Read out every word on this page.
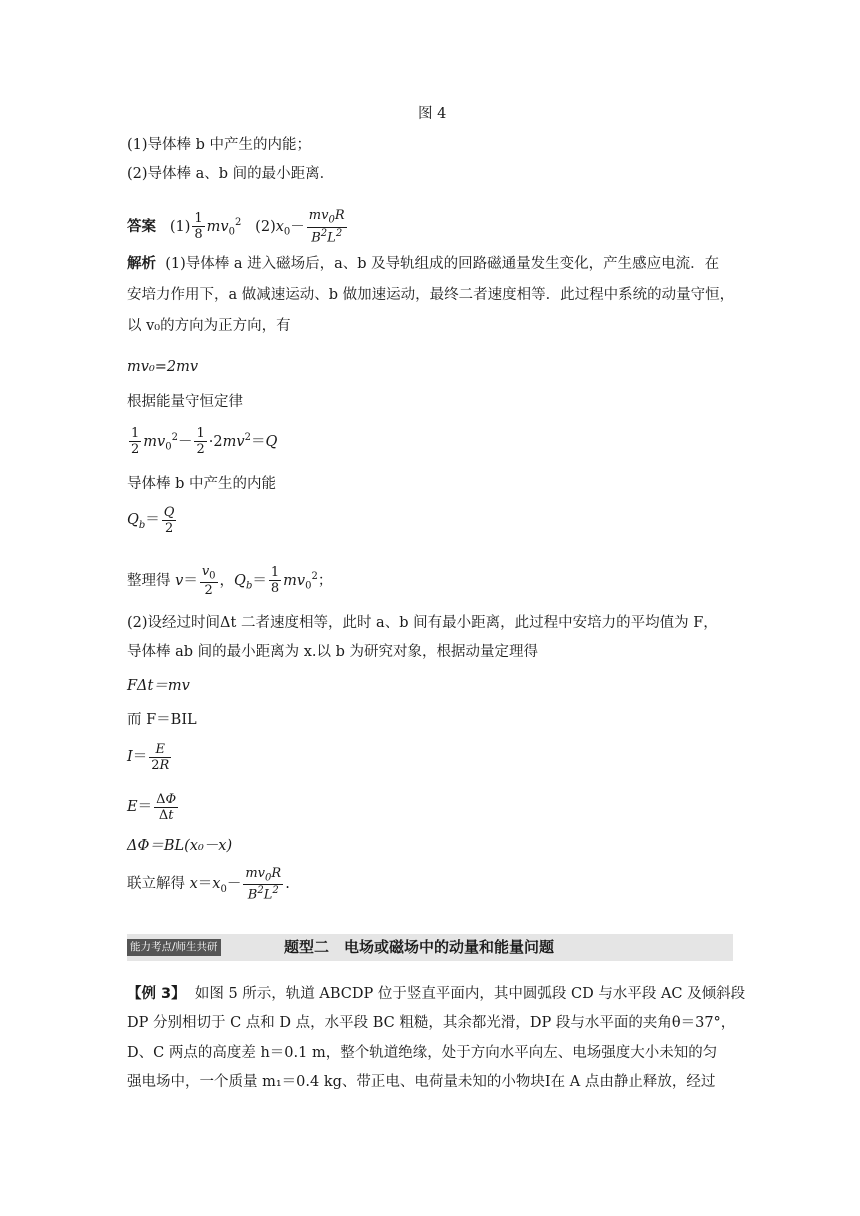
图 4
(1)导体棒 b 中产生的内能；
(2)导体棒 a、b 间的最小距离．
答案   $(1) \frac{1}{8} mv_0^2$   $(2)x_0- \frac{mv_0R}{B^2L^2}$
解析 (1)导体棒 a 进入磁场后，a、b 及导轨组成的回路磁通量发生变化，产生感应电流．在
安培力作用下，a 做减速运动、b 做加速运动，最终二者速度相等．此过程中系统的动量守恒，
以 v₀的方向为正方向，有
mv₀=2mv
根据能量守恒定律
$\frac{1}{2} mv_0^2- \frac{1}{2} \cdot 2mv^2=Q$
导体棒 b 中产生的内能
$Q_b= \frac{Q}{2}$
整理得 $v= \frac{v_0}{2}$ ，$Q_b= \frac{1}{8} mv_0^2$；
(2)设经过时间Δt 二者速度相等，此时 a、b 间有最小距离，此过程中安培力的平均值为 F，
导体棒 ab 间的最小距离为 x.以 b 为研究对象，根据动量定理得
FΔt＝mv
而 F＝BIL
$I= \frac{E}{2R}$
$E= \frac{\Delta\Phi}{\Delta t}$
ΔΦ＝BL(x₀－x)
联立解得 $x=x_0- \frac{mv_0R}{B^2L^2}$ .
能力考点/师生共研	题型二　电场或磁场中的动量和能量问题
【例 3】 如图 5 所示，轨道 ABCDP 位于竖直平面内，其中圆弧段 CD 与水平段 AC 及倾斜段
DP 分别相切于 C 点和 D 点，水平段 BC 粗糙，其余都光滑，DP 段与水平面的夹角θ＝37°，
D、C 两点的高度差 h＝0.1 m，整个轨道绝缘，处于方向水平向左、电场强度大小未知的匀
强电场中，一个质量 m₁＝0.4 kg、带正电、电荷量未知的小物块Ⅰ在 A 点由静止释放，经过
